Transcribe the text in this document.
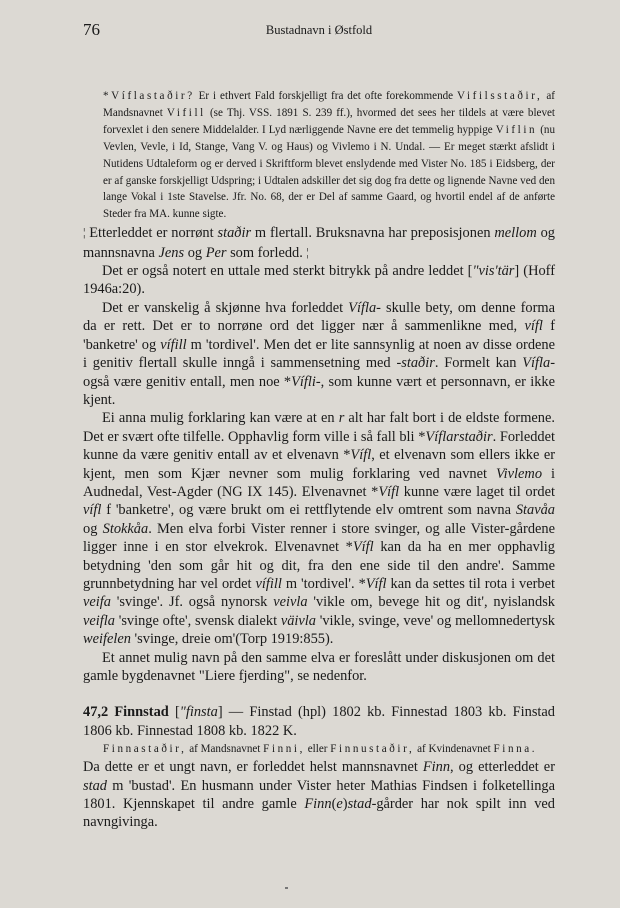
76	Bustadnavn i Østfold

*Víflastaðir? Er i ethvert Fald forskjelligt fra det ofte forekommende Vifilsstaðir, af Mandsnavnet Vifill (se Thj. VSS. 1891 S. 239 ff.), hvormed det sees her tildels at være blevet forvexlet i den senere Middelalder. I Lyd nærliggende Navne ere det temmelig hyppige Viflin (nu Vevlen, Vevle, i Id, Stange, Vang V. og Haus) og Vivlemo i N. Undal. — Er meget stærkt afslidt i Nutidens Udtaleform og er derved i Skriftform blevet enslydende med Vister No. 185 i Eidsberg, der er af ganske forskjelligt Udspring; i Udtalen adskiller det sig dog fra dette og lignende Navne ved den lange Vokal i 1ste Stavelse. Jfr. No. 68, der er Del af samme Gaard, og hvortil endel af de anførte Steder fra MA. kunne sigte.

¦ Etterleddet er norrønt staðir m flertall. Bruksnavna har preposisjonen mellom og mannsnavna Jens og Per som forledd. ¦

Det er også notert en uttale med sterkt bitrykk på andre leddet ["vis'tär] (Hoff 1946a:20).

Det er vanskelig å skjønne hva forleddet Vífla- skulle bety, om denne forma da er rett. Det er to norrøne ord det ligger nær å sammenlikne med, vífl f 'banketre' og vífill m 'tordivel'. Men det er lite sannsynlig at noen av disse ordene i genitiv flertall skulle inngå i sammensetning med -staðir. Formelt kan Vífla- også være genitiv entall, men noe *Vífli-, som kunne vært et personnavn, er ikke kjent.

Ei anna mulig forklaring kan være at en r alt har falt bort i de eldste formene. Det er svært ofte tilfelle. Opphavlig form ville i så fall bli *Víflarstaðir. Forleddet kunne da være genitiv entall av et elvenavn *Vífl, et elvenavn som ellers ikke er kjent, men som Kjær nevner som mulig forklaring ved navnet Vivlemo i Audnedal, Vest-Agder (NG IX 145). Elvenavnet *Vífl kunne være laget til ordet vífl f 'banketre', og være brukt om ei rettflytende elv omtrent som navna Stavåa og Stokkåa. Men elva forbi Vister renner i store svinger, og alle Vister-gårdene ligger inne i en stor elvekrok. Elvenavnet *Vífl kan da ha en mer opphavlig betydning 'den som går hit og dit, fra den ene side til den andre'. Samme grunnbetydning har vel ordet vífill m 'tordivel'. *Vífl kan da settes til rota i verbet veifa 'svinge'. Jf. også nynorsk veivla 'vikle om, bevege hit og dit', nyislandsk veifla 'svinge ofte', svensk dialekt väivla 'vikle, svinge, veve' og mellomnedertysk weifelen 'svinge, dreie om'(Torp 1919:855).

Et annet mulig navn på den samme elva er foreslått under diskusjonen om det gamle bygdenavnet "Liere fjerding", se nedenfor.

47,2 Finnstad ["finsta] — Finstad (hpl) 1802 kb. Finnestad 1803 kb. Finstad 1806 kb. Finnestad 1808 kb. 1822 K.

Finnastaðir, af Mandsnavnet Finni, eller Finnustaðir, af Kvindenavnet Finna.

Da dette er et ungt navn, er forleddet helst mannsnavnet Finn, og etterleddet er stad m 'bustad'. En husmann under Vister heter Mathias Findsen i folketellinga 1801. Kjennskapet til andre gamle Finn(e)stad-gårder har nok spilt inn ved navngivinga.
